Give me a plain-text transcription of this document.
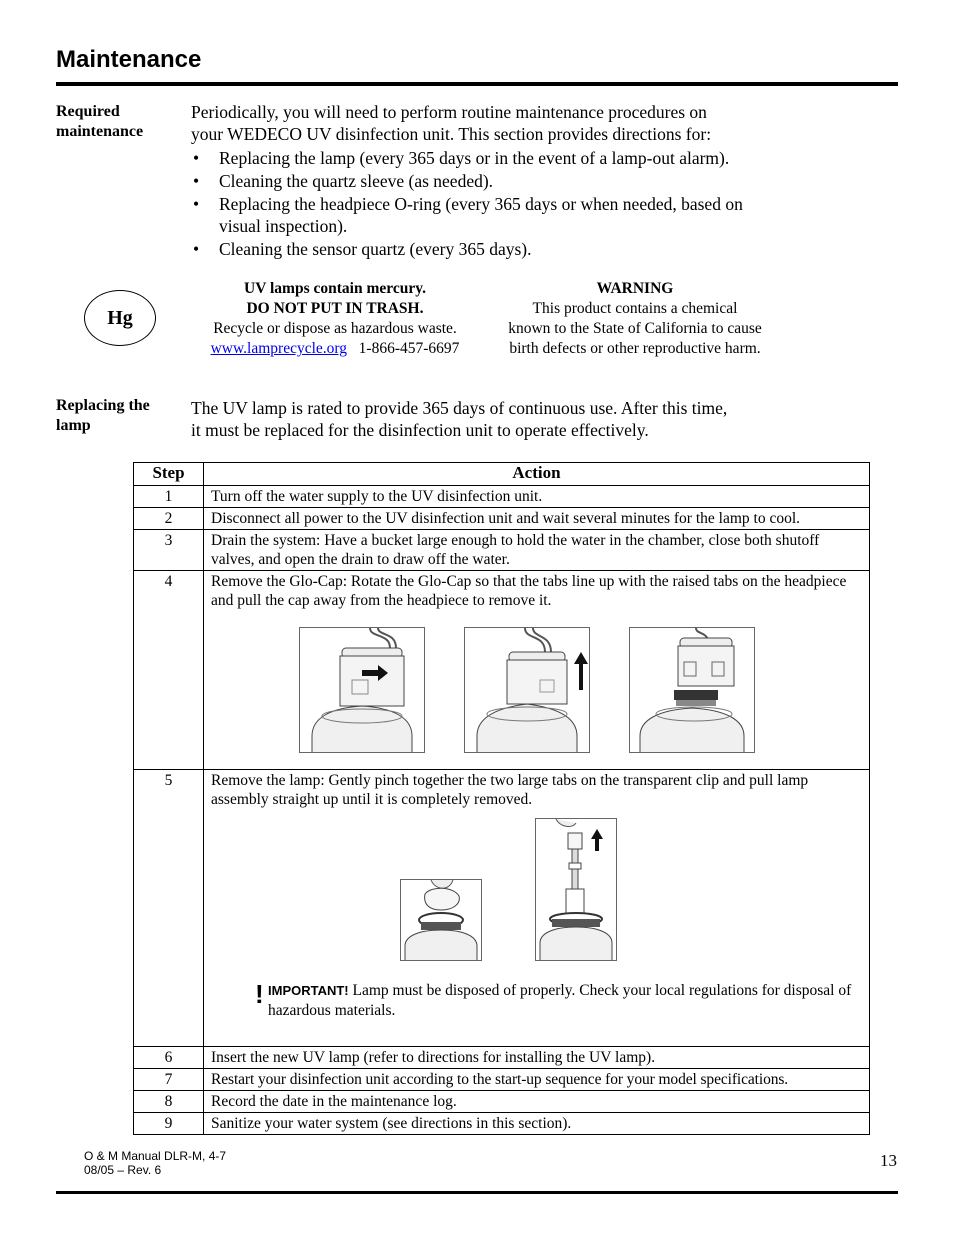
Maintenance
Required
maintenance
Periodically, you will need to perform routine maintenance procedures on
your WEDECO UV disinfection unit. This section provides directions for:
• Replacing the lamp (every 365 days or in the event of a lamp-out alarm).
• Cleaning the quartz sleeve (as needed).
• Replacing the headpiece O-ring (every 365 days or when needed, based on visual inspection).
• Cleaning the sensor quartz (every 365 days).
Hg
UV lamps contain mercury.
DO NOT PUT IN TRASH.
Recycle or dispose as hazardous waste.
www.lamprecycle.org 1-866-457-6697
WARNING
This product contains a chemical
known to the State of California to cause
birth defects or other reproductive harm.
Replacing the
lamp
The UV lamp is rated to provide 365 days of continuous use. After this time,
it must be replaced for the disinfection unit to operate effectively.
Step	Action
1	Turn off the water supply to the UV disinfection unit.
2	Disconnect all power to the UV disinfection unit and wait several minutes for the lamp to cool.
3	Drain the system: Have a bucket large enough to hold the water in the chamber, close both shutoff valves, and open the drain to draw off the water.
4	Remove the Glo-Cap: Rotate the Glo-Cap so that the tabs line up with the raised tabs on the headpiece and pull the cap away from the headpiece to remove it.

5	Remove the lamp: Gently pinch together the two large tabs on the transparent clip and pull lamp assembly straight up until it is completely removed.
! IMPORTANT! Lamp must be disposed of properly. Check your local regulations for disposal of hazardous materials.

6	Insert the new UV lamp (refer to directions for installing the UV lamp).
7	Restart your disinfection unit according to the start-up sequence for your model specifications.
8	Record the date in the maintenance log.
9	Sanitize your water system (see directions in this section).
O & M Manual DLR-M, 4-7
08/05 – Rev. 6	13
